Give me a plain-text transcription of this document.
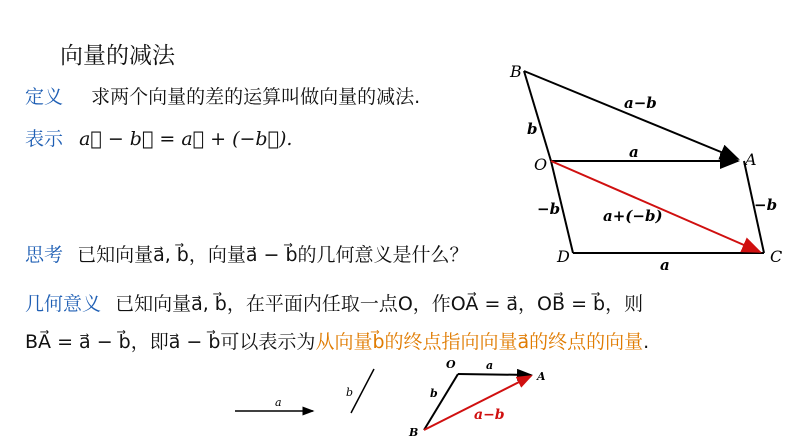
向量的减法
定义 求两个向量的差的运算叫做向量的减法.
表示 a⃗ − b⃗ = a⃗ + (−b⃗).
思考 已知向量a⃗, b⃗，向量a⃗ − b⃗的几何意义是什么？
几何意义 已知向量a⃗, b⃗，在平面内任取一点O，作OA⃗ = a⃗，OB⃗ = b⃗，则
BA⃗ = a⃗ − b⃗，即a⃗ − b⃗可以表示为从向量b⃗的终点指向向量a⃗的终点的向量.
B
O	A
D	C
a−b
b
a
−b	a+(−b)
−b
a
a
b
O
A
B
a
b
a−b
